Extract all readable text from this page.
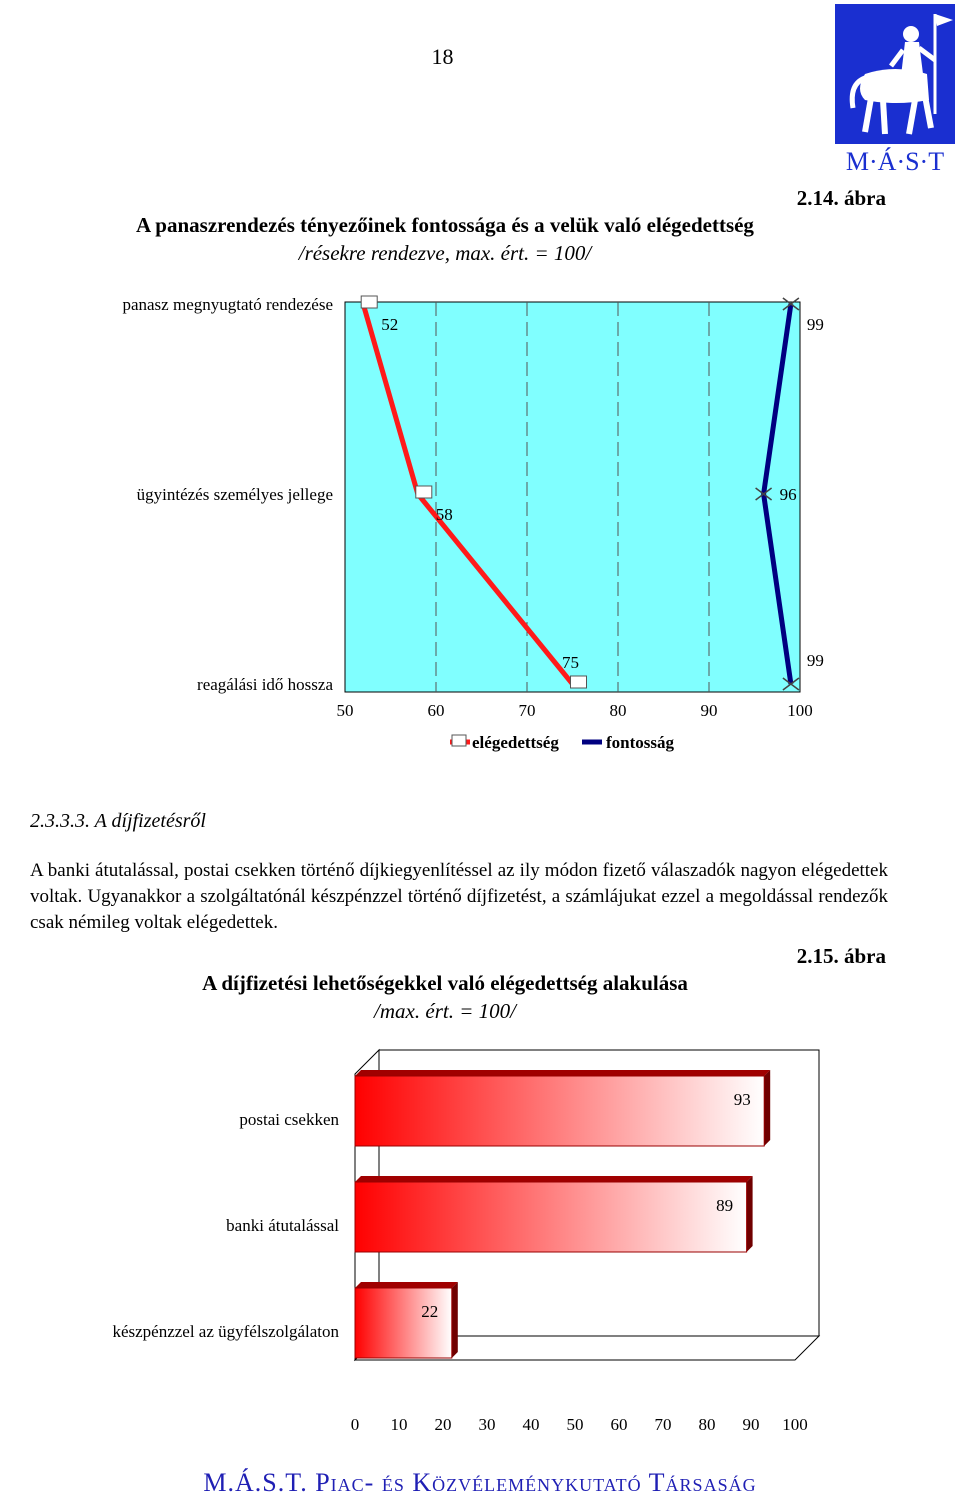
18
M·Á·S·T
2.14. ábra
A panaszrendezés tényezőinek fontossága és a velük való elégedettség
/résekre rendezve, max. ért. = 100/
50	60	70	80	90	100
panasz megnyugtató rendezése
ügyintézés személyes jellege
reagálási idő hossza
52
58
75
99
96
99
elégedettség	fontosság
2.3.3.3. A díjfizetésről
A banki átutalással, postai csekken történő díjkiegyenlítéssel az ily módon fizető válaszadók nagyon elégedettek voltak. Ugyanakkor a szolgáltatónál készpénzzel történő díjfizetést, a számlájukat ezzel a megoldással rendezők csak némileg voltak elégedettek.
2.15. ábra
A díjfizetési lehetőségekkel való elégedettség alakulása
/max. ért. = 100/
postai csekken
93
banki átutalással
89
készpénzzel az ügyfélszolgálaton
22
0 10 20 30 40 50 60 70 80 90 100
M.Á.S.T. Piac- és Közvéleménykutató Társaság
